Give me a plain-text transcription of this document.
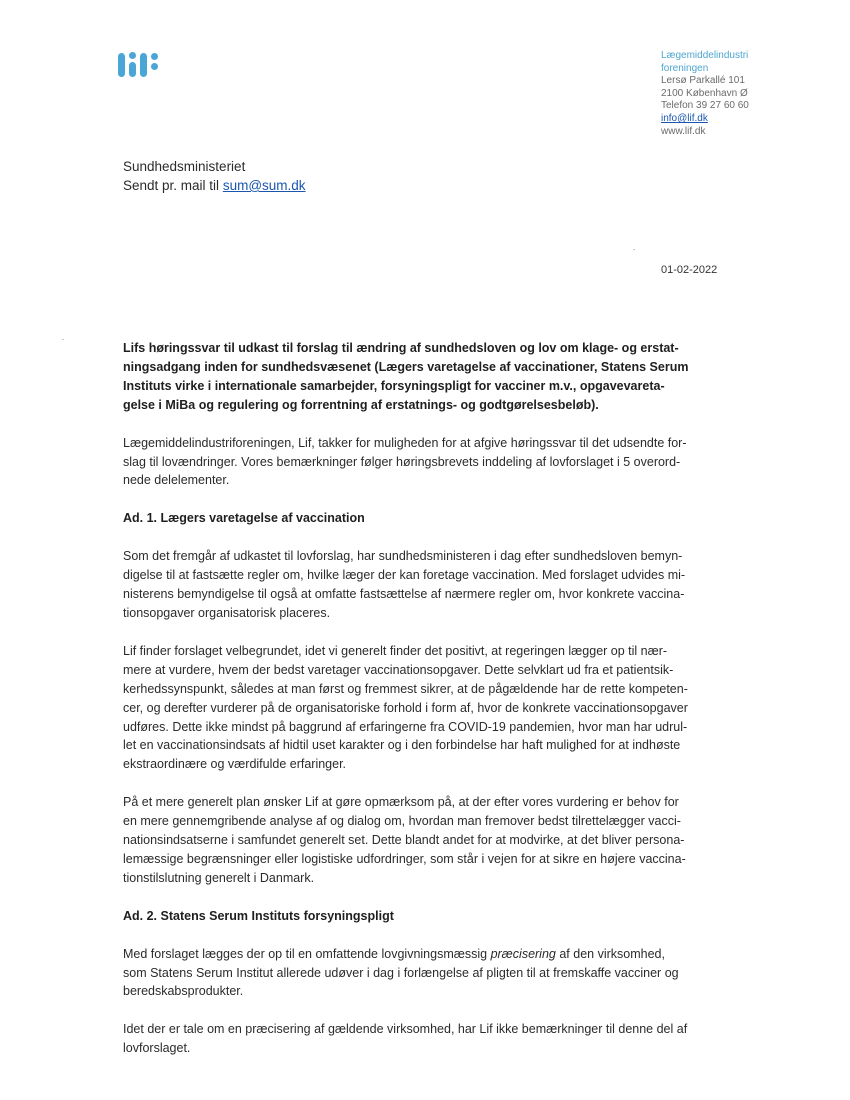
Lægemiddelindustri
foreningen
Lersø Parkallé 101
2100 København Ø
Telefon 39 27 60 60
info@lif.dk
www.lif.dk
Sundhedsministeriet
Sendt pr. mail til sum@sum.dk
01-02-2022

Lifs høringssvar til udkast til forslag til ændring af sundhedsloven og lov om klage- og erstat-
ningsadgang inden for sundhedsvæsenet (Lægers varetagelse af vaccinationer, Statens Serum
Instituts virke i internationale samarbejder, forsyningspligt for vacciner m.v., opgavevareta-
gelse i MiBa og regulering og forrentning af erstatnings- og godtgørelsesbeløb).

Lægemiddelindustriforeningen, Lif, takker for muligheden for at afgive høringssvar til det udsendte for-
slag til lovændringer. Vores bemærkninger følger høringsbrevets inddeling af lovforslaget i 5 overord-
nede delelementer.

Ad. 1. Lægers varetagelse af vaccination

Som det fremgår af udkastet til lovforslag, har sundhedsministeren i dag efter sundhedsloven bemyn-
digelse til at fastsætte regler om, hvilke læger der kan foretage vaccination. Med forslaget udvides mi-
nisterens bemyndigelse til også at omfatte fastsættelse af nærmere regler om, hvor konkrete vaccina-
tionsopgaver organisatorisk placeres.

Lif finder forslaget velbegrundet, idet vi generelt finder det positivt, at regeringen lægger op til nær-
mere at vurdere, hvem der bedst varetager vaccinationsopgaver. Dette selvklart ud fra et patientsik-
kerhedssynspunkt, således at man først og fremmest sikrer, at de pågældende har de rette kompeten-
cer, og derefter vurderer på de organisatoriske forhold i form af, hvor de konkrete vaccinationsopgaver
udføres. Dette ikke mindst på baggrund af erfaringerne fra COVID-19 pandemien, hvor man har udrul-
let en vaccinationsindsats af hidtil uset karakter og i den forbindelse har haft mulighed for at indhøste
ekstraordinære og værdifulde erfaringer.

På et mere generelt plan ønsker Lif at gøre opmærksom på, at der efter vores vurdering er behov for
en mere gennemgribende analyse af og dialog om, hvordan man fremover bedst tilrettelægger vacci-
nationsindsatserne i samfundet generelt set. Dette blandt andet for at modvirke, at det bliver persona-
lemæssige begrænsninger eller logistiske udfordringer, som står i vejen for at sikre en højere vaccina-
tionstilslutning generelt i Danmark.

Ad. 2. Statens Serum Instituts forsyningspligt

Med forslaget lægges der op til en omfattende lovgivningsmæssig præcisering af den virksomhed,
som Statens Serum Institut allerede udøver i dag i forlængelse af pligten til at fremskaffe vacciner og
beredskabsprodukter.

Idet der er tale om en præcisering af gældende virksomhed, har Lif ikke bemærkninger til denne del af
lovforslaget.
